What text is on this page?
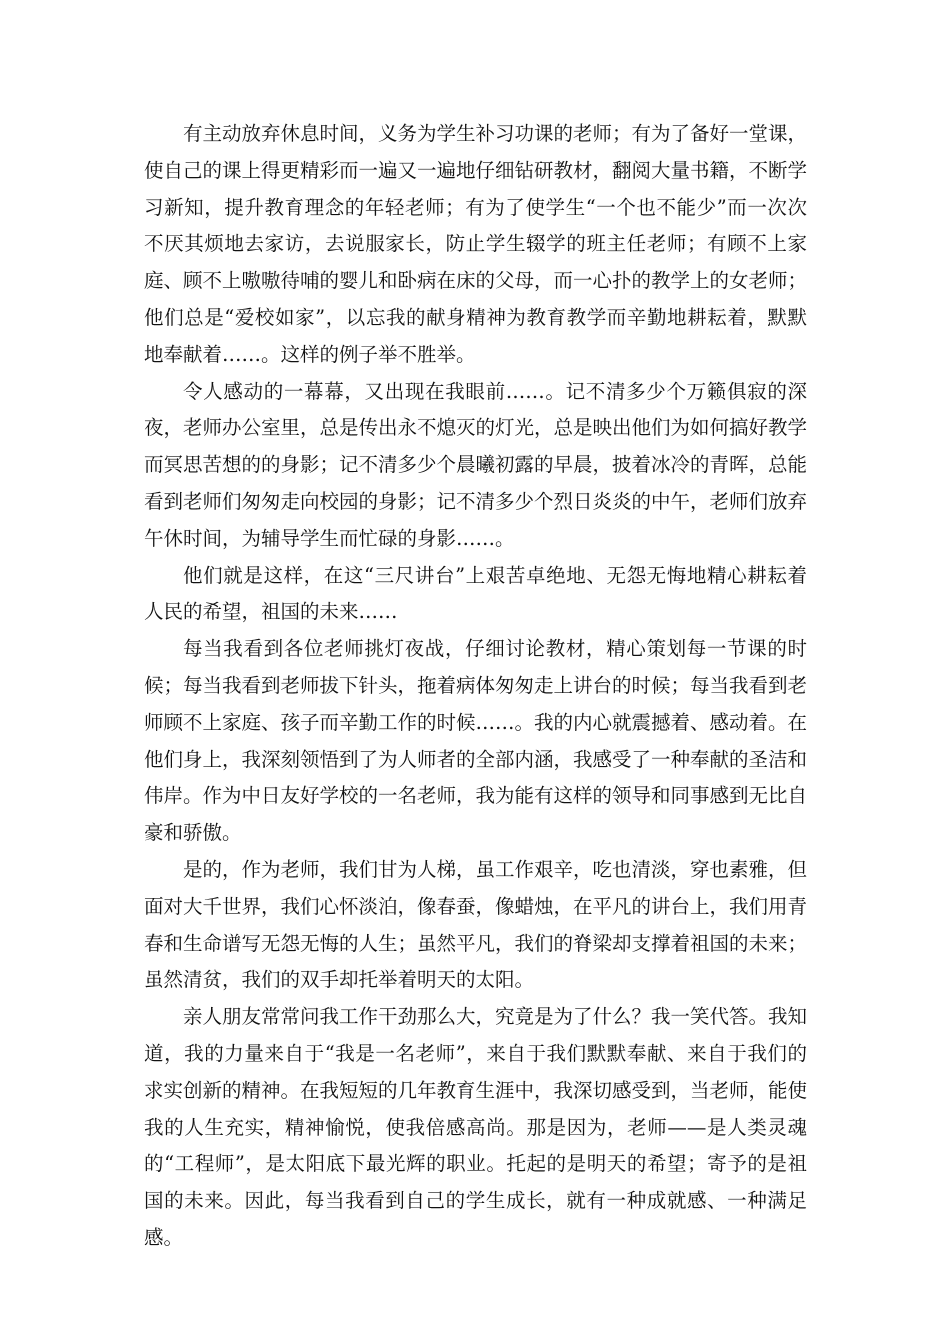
有主动放弃休息时间，义务为学生补习功课的老师；有为了备好一堂课，使自己的课上得更精彩而一遍又一遍地仔细钻研教材，翻阅大量书籍，不断学习新知，提升教育理念的年轻老师；有为了使学生“一个也不能少”而一次次不厌其烦地去家访，去说服家长，防止学生辍学的班主任老师；有顾不上家庭、顾不上嗷嗷待哺的婴儿和卧病在床的父母，而一心扑的教学上的女老师；他们总是“爱校如家”，以忘我的献身精神为教育教学而辛勤地耕耘着，默默地奉献着……。这样的例子举不胜举。

令人感动的一幕幕，又出现在我眼前……。记不清多少个万籁俱寂的深夜，老师办公室里，总是传出永不熄灭的灯光，总是映出他们为如何搞好教学而冥思苦想的的身影；记不清多少个晨曦初露的早晨，披着冰冷的青晖，总能看到老师们匆匆走向校园的身影；记不清多少个烈日炎炎的中午，老师们放弃午休时间，为辅导学生而忙碌的身影……。

他们就是这样，在这“三尺讲台”上艰苦卓绝地、无怨无悔地精心耕耘着人民的希望，祖国的未来……

每当我看到各位老师挑灯夜战，仔细讨论教材，精心策划每一节课的时候；每当我看到老师拔下针头，拖着病体匆匆走上讲台的时候；每当我看到老师顾不上家庭、孩子而辛勤工作的时候……。我的内心就震撼着、感动着。在他们身上，我深刻领悟到了为人师者的全部内涵，我感受了一种奉献的圣洁和伟岸。作为中日友好学校的一名老师，我为能有这样的领导和同事感到无比自豪和骄傲。

是的，作为老师，我们甘为人梯，虽工作艰辛，吃也清淡，穿也素雅，但面对大千世界，我们心怀淡泊，像春蚕，像蜡烛，在平凡的讲台上，我们用青春和生命谱写无怨无悔的人生；虽然平凡，我们的脊梁却支撑着祖国的未来；虽然清贫，我们的双手却托举着明天的太阳。

亲人朋友常常问我工作干劲那么大，究竟是为了什么？我一笑代答。我知道，我的力量来自于“我是一名老师”，来自于我们默默奉献、来自于我们的求实创新的精神。在我短短的几年教育生涯中，我深切感受到，当老师，能使我的人生充实，精神愉悦，使我倍感高尚。那是因为，老师——是人类灵魂的“工程师”，是太阳底下最光辉的职业。托起的是明天的希望；寄予的是祖国的未来。因此，每当我看到自己的学生成长，就有一种成就感、一种满足感。
